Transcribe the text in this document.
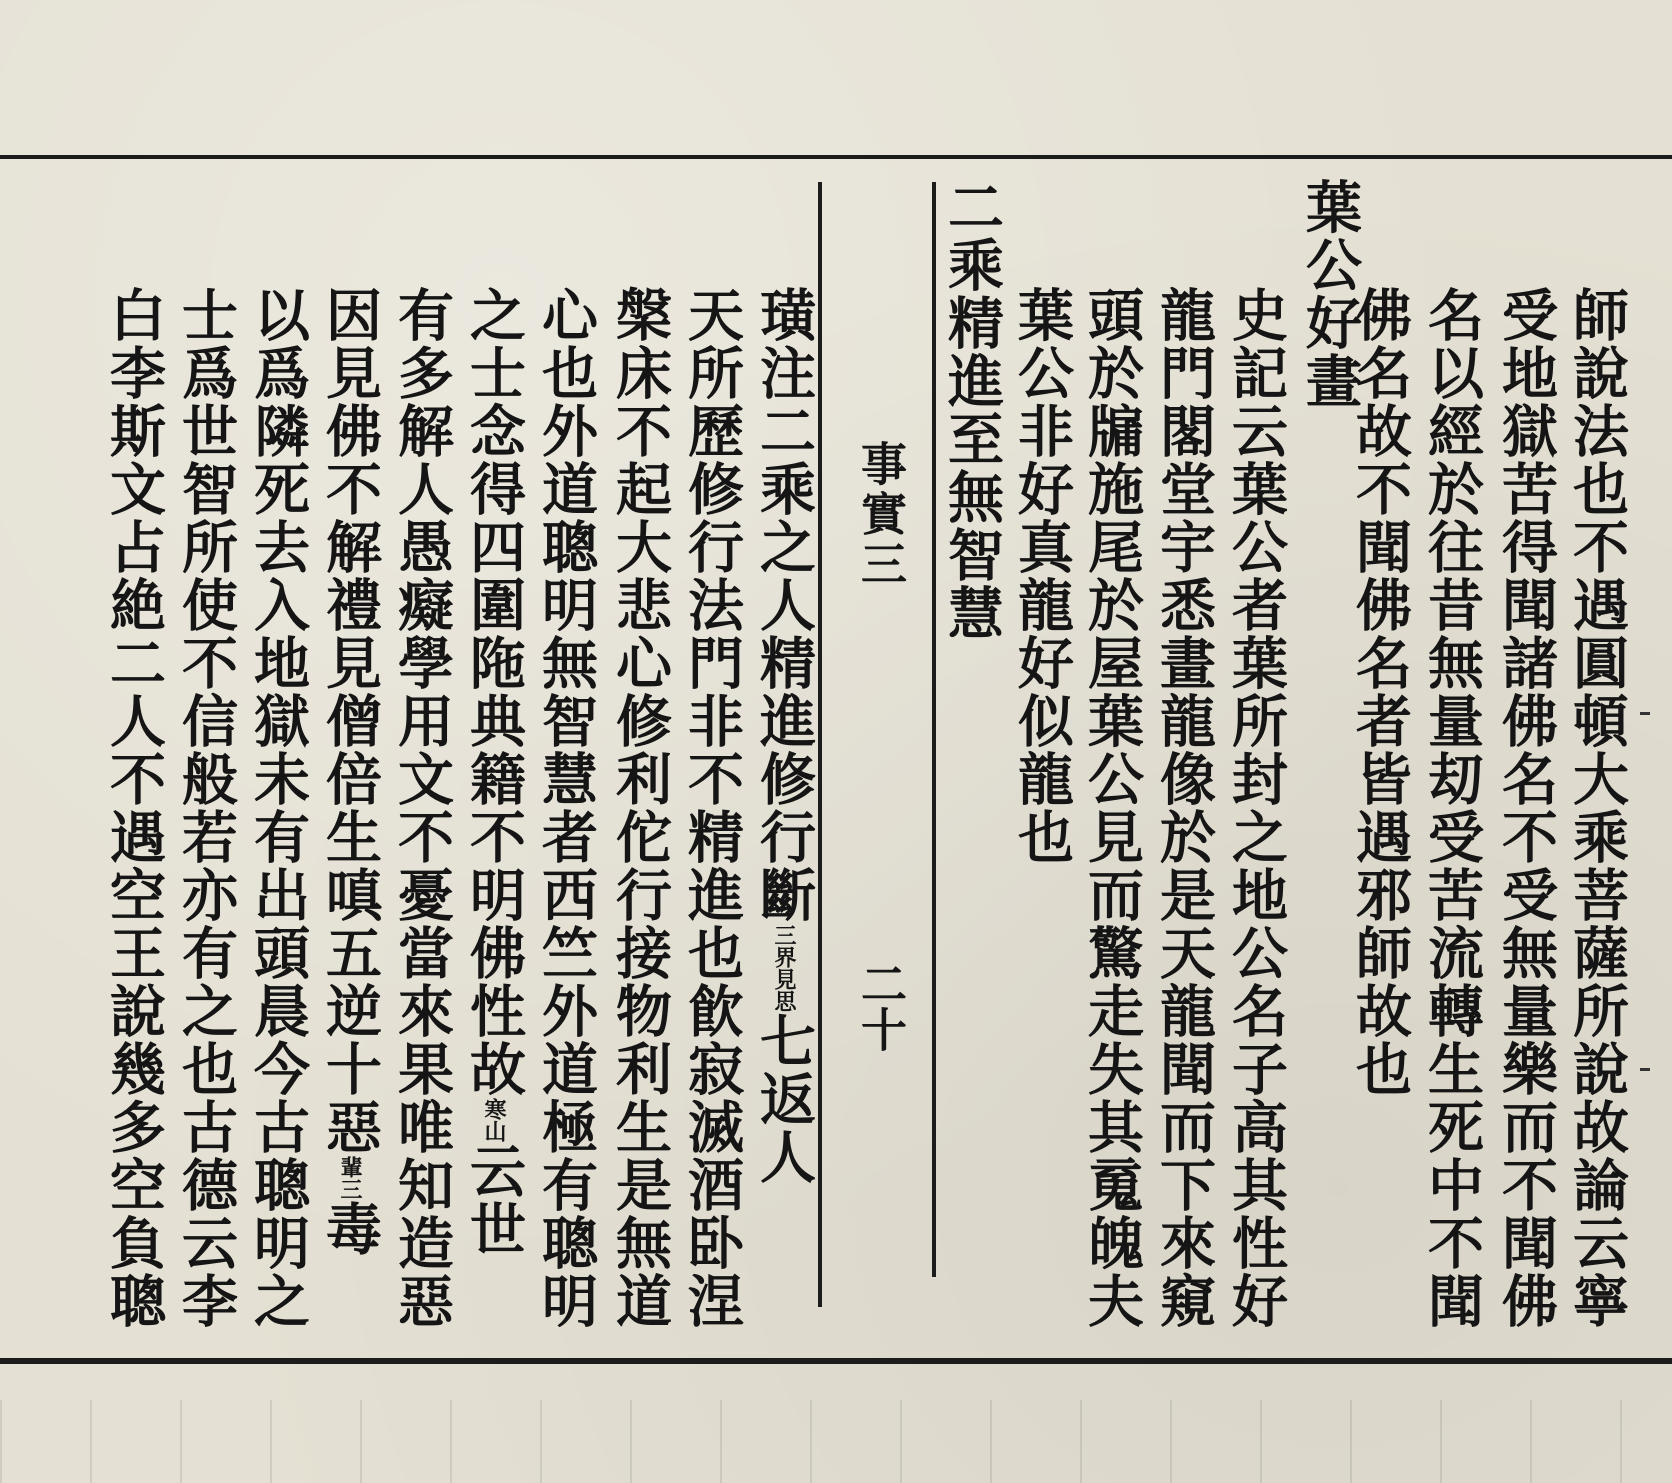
事實三
二十	師說法也不遇圓頓大乘菩薩所說故論云寧
受地獄苦得聞諸佛名不受無量樂而不聞佛
名以經於往昔無量刧受苦流轉生死中不聞
佛名故不聞佛名者皆遇邪師故也
葉公好畫
史記云葉公者葉所封之地公名子高其性好
龍門閣堂宇悉畫龍像於是天龍聞而下來窺
頭於牖施尾於屋葉公見而驚走失其䰟魄夫
葉公非好真龍好似龍也
二乘精進至無智慧
璜注二乘之人精進修行斷三界見思七返人
天所歷修行法門非不精進也飮寂滅酒卧涅
槃床不起大悲心修利佗行接物利生是無道
心也外道聰明無智慧者西竺外道極有聰明
之士念得四圍陁典籍不明佛性故寒山云世
有多解人愚癡學用文不憂當來果唯知造惡
因見佛不解禮見僧倍生嗔五逆十惡輩三毒
以爲隣死去入地獄未有出頭晨今古聰明之
士爲世智所使不信般若亦有之也古德云李
白李斯文占絶二人不遇空王說幾多空負聰
